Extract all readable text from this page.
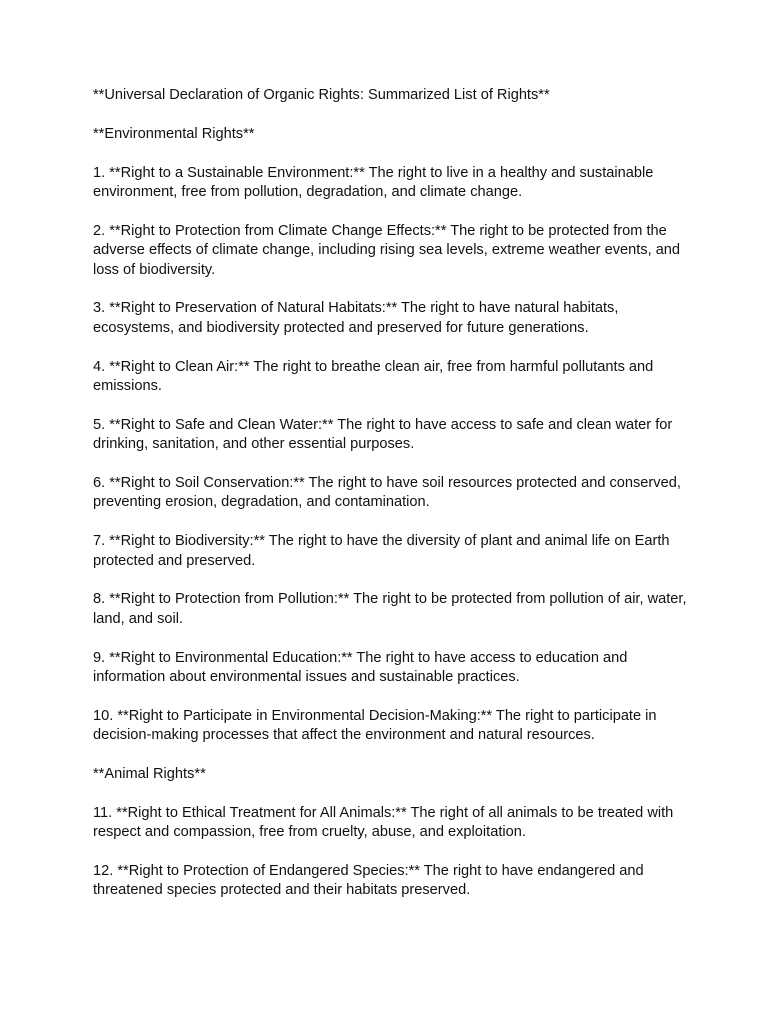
**Universal Declaration of Organic Rights: Summarized List of Rights**
**Environmental Rights**
1. **Right to a Sustainable Environment:** The right to live in a healthy and sustainable environment, free from pollution, degradation, and climate change.
2. **Right to Protection from Climate Change Effects:** The right to be protected from the adverse effects of climate change, including rising sea levels, extreme weather events, and loss of biodiversity.
3. **Right to Preservation of Natural Habitats:** The right to have natural habitats, ecosystems, and biodiversity protected and preserved for future generations.
4. **Right to Clean Air:** The right to breathe clean air, free from harmful pollutants and emissions.
5. **Right to Safe and Clean Water:** The right to have access to safe and clean water for drinking, sanitation, and other essential purposes.
6. **Right to Soil Conservation:** The right to have soil resources protected and conserved, preventing erosion, degradation, and contamination.
7. **Right to Biodiversity:** The right to have the diversity of plant and animal life on Earth protected and preserved.
8. **Right to Protection from Pollution:** The right to be protected from pollution of air, water, land, and soil.
9. **Right to Environmental Education:** The right to have access to education and information about environmental issues and sustainable practices.
10. **Right to Participate in Environmental Decision-Making:** The right to participate in decision-making processes that affect the environment and natural resources.
**Animal Rights**
11. **Right to Ethical Treatment for All Animals:** The right of all animals to be treated with respect and compassion, free from cruelty, abuse, and exploitation.
12. **Right to Protection of Endangered Species:** The right to have endangered and threatened species protected and their habitats preserved.
